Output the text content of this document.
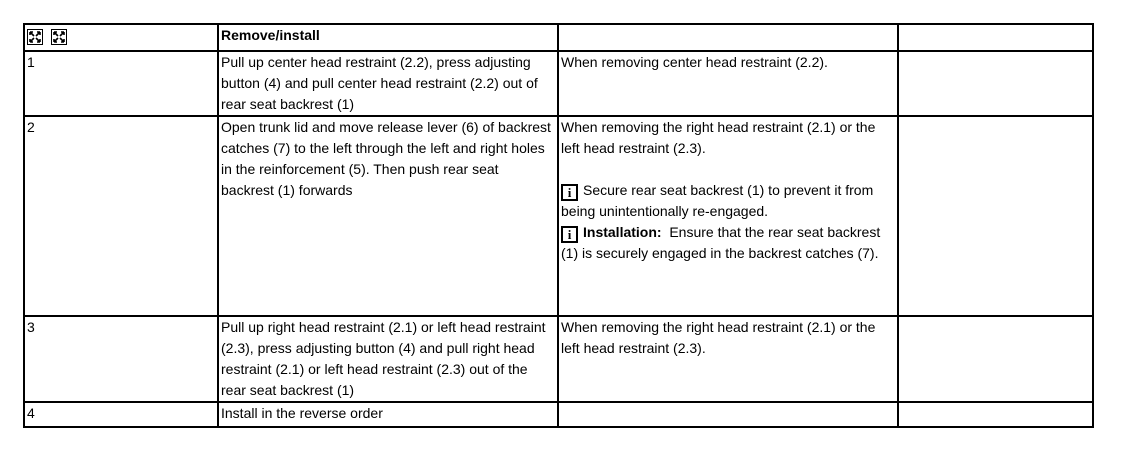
	Remove/install		
1	Pull up center head restraint (2.2), press adjusting button (4) and pull center head restraint (2.2) out of rear seat backrest (1)	When removing center head restraint (2.2).	
2	Open trunk lid and move release lever (6) of backrest catches (7) to the left through the left and right holes in the reinforcement (5). Then push rear seat backrest (1) forwards	When removing the right head restraint (2.1) or the left head restraint (2.3).
i Secure rear seat backrest (1) to prevent it from being unintentionally re-engaged.
i Installation: Ensure that the rear seat backrest (1) is securely engaged in the backrest catches (7).	

3	Pull up right head restraint (2.1) or left head restraint (2.3), press adjusting button (4) and pull right head restraint (2.1) or left head restraint (2.3) out of the rear seat backrest (1)	When removing the right head restraint (2.1) or the left head restraint (2.3).	
4	Install in the reverse order		
